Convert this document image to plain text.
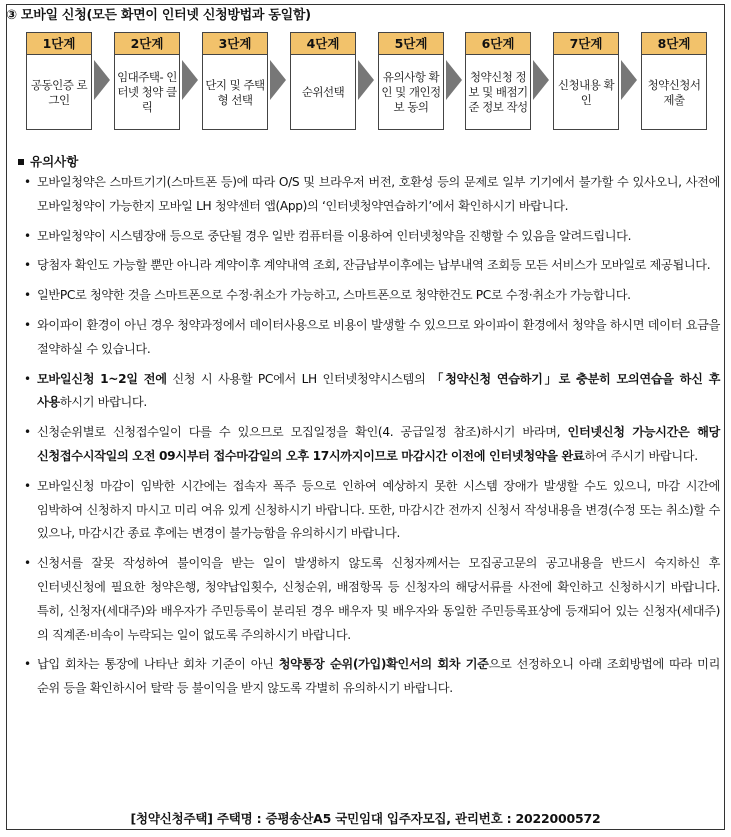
③ 모바일 신청(모든 화면이 인터넷 신청방법과 동일함)
1단계
공동인증 로그인
2단계
임대주택- 인터넷 청약 클릭
3단계
단지 및 주택형 선택
4단계
순위선택
5단계
유의사항 확인 및 개인정보 동의
6단계
청약신청 정보 및 배점기준 정보 작성
7단계
신청내용 확인
8단계
청약신청서 제출
유의사항
• 모바일청약은 스마트기기(스마트폰 등)에 따라 O/S 및 브라우저 버전, 호환성 등의 문제로 일부 기기에서 불가할 수 있사오니, 사전에 모바일청약이 가능한지 모바일 LH 청약센터 앱(App)의 ‘인터넷청약연습하기’에서 확인하시기 바랍니다.
• 모바일청약이 시스템장애 등으로 중단될 경우 일반 컴퓨터를 이용하여 인터넷청약을 진행할 수 있음을 알려드립니다.
• 당첨자 확인도 가능할 뿐만 아니라 계약이후 계약내역 조회, 잔금납부이후에는 납부내역 조회등 모든 서비스가 모바일로 제공됩니다.
• 일반PC로 청약한 것을 스마트폰으로 수정·취소가 가능하고, 스마트폰으로 청약한건도 PC로 수정·취소가 가능합니다.
• 와이파이 환경이 아닌 경우 청약과정에서 데이터사용으로 비용이 발생할 수 있으므로 와이파이 환경에서 청약을 하시면 데이터 요금을 절약하실 수 있습니다.
• 모바일신청 1~2일 전에 신청 시 사용할 PC에서 LH 인터넷청약시스템의 「청약신청 연습하기」로 충분히 모의연습을 하신 후 사용하시기 바랍니다.
• 신청순위별로 신청접수일이 다를 수 있으므로 모집일정을 확인(4. 공급일정 참조)하시기 바라며, 인터넷신청 가능시간은 해당 신청접수시작일의 오전 09시부터 접수마감일의 오후 17시까지이므로 마감시간 이전에 인터넷청약을 완료하여 주시기 바랍니다.
• 모바일신청 마감이 임박한 시간에는 접속자 폭주 등으로 인하여 예상하지 못한 시스템 장애가 발생할 수도 있으니, 마감 시간에 임박하여 신청하지 마시고 미리 여유 있게 신청하시기 바랍니다. 또한, 마감시간 전까지 신청서 작성내용을 변경(수정 또는 취소)할 수 있으나, 마감시간 종료 후에는 변경이 불가능함을 유의하시기 바랍니다.
• 신청서를 잘못 작성하여 불이익을 받는 일이 발생하지 않도록 신청자께서는 모집공고문의 공고내용을 반드시 숙지하신 후 인터넷신청에 필요한 청약은행, 청약납입횟수, 신청순위, 배점항목 등 신청자의 해당서류를 사전에 확인하고 신청하시기 바랍니다. 특히, 신청자(세대주)와 배우자가 주민등록이 분리된 경우 배우자 및 배우자와 동일한 주민등록표상에 등재되어 있는 신청자(세대주)의 직계존·비속이 누락되는 일이 없도록 주의하시기 바랍니다.
• 납입 회차는 통장에 나타난 회차 기준이 아닌 청약통장 순위(가입)확인서의 회차 기준으로 선정하오니 아래 조회방법에 따라 미리 순위 등을 확인하시어 탈락 등 불이익을 받지 않도록 각별히 유의하시기 바랍니다.
[청약신청주택] 주택명 : 증평송산A5 국민임대 입주자모집, 관리번호 : 2022000572
